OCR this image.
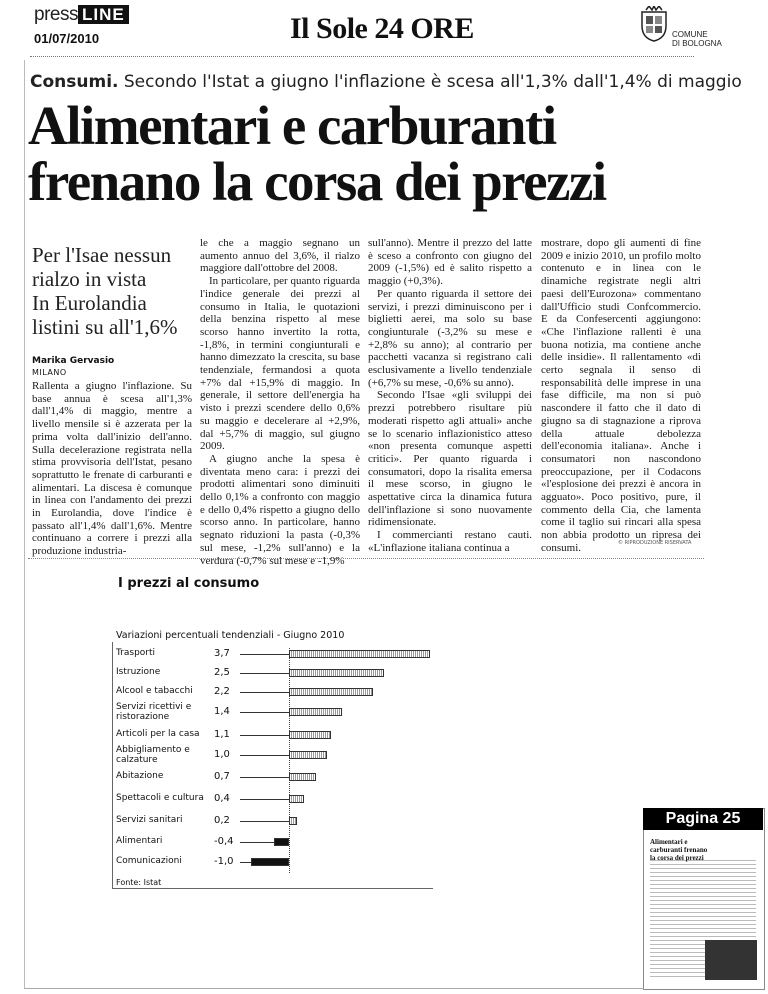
press LINE
01/07/2010	Il Sole 24 ORE	COMUNE
DI BOLOGNA
Consumi. Secondo l'Istat a giugno l'inflazione è scesa all'1,3% dall'1,4% di maggio
Alimentari e carburanti
frenano la corsa dei prezzi
Per l'Isae nessun
rialzo in vista
In Eurolandia
listini su all'1,6%
Marika Gervasio
MILANO

Rallenta a giugno l'inflazione. Su base annua è scesa all'1,3% dall'1,4% di maggio, mentre a livello mensile si è azzerata per la prima volta dall'inizio dell'anno. Sulla decelerazione registrata nella stima provvisoria dell'Istat, pesano soprattutto le frenate di carburanti e alimentari. La discesa è comunque in linea con l'andamento dei prezzi in Eurolandia, dove l'indice è passato all'1,4% dall'1,6%. Mentre continuano a correre i prezzi alla produzione industria-

le che a maggio segnano un aumento annuo del 3,6%, il rialzo maggiore dall'ottobre del 2008.

In particolare, per quanto riguarda l'indice generale dei prezzi al consumo in Italia, le quotazioni della benzina rispetto al mese scorso hanno invertito la rotta, -1,8%, in termini congiunturali e hanno dimezzato la crescita, su base tendenziale, fermandosi a quota +7% dal +15,9% di maggio. In generale, il settore dell'energia ha visto i prezzi scendere dello 0,6% su maggio e decelerare al +2,9%, dal +5,7% di maggio, sul giugno 2009.

A giugno anche la spesa è diventata meno cara: i prezzi dei prodotti alimentari sono diminuiti dello 0,1% a confronto con maggio e dello 0,4% rispetto a giugno dello scorso anno. In particolare, hanno segnato riduzioni la pasta (-0,3% sul mese, -1,2% sull'anno) e la verdura (-0,7% sul mese e -1,9%

sull'anno). Mentre il prezzo del latte è sceso a confronto con giugno del 2009 (-1,5%) ed è salito rispetto a maggio (+0,3%).

Per quanto riguarda il settore dei servizi, i prezzi diminuiscono per i biglietti aerei, ma solo su base congiunturale (-3,2% su mese e +2,8% su anno); al contrario per pacchetti vacanza si registrano cali esclusivamente a livello tendenziale (+6,7% su mese, -0,6% su anno).

Secondo l'Isae «gli sviluppi dei prezzi potrebbero risultare più moderati rispetto agli attuali» anche se lo scenario inflazionistico atteso «non presenta comunque aspetti critici». Per quanto riguarda i consumatori, dopo la risalita emersa il mese scorso, in giugno le aspettative circa la dinamica futura dell'inflazione si sono nuovamente ridimensionate.

I commercianti restano cauti. «L'inflazione italiana continua a

mostrare, dopo gli aumenti di fine 2009 e inizio 2010, un profilo molto contenuto e in linea con le dinamiche registrate negli altri paesi dell'Eurozona» commentano dall'Ufficio studi Confcommercio. E da Confesercenti aggiungono: «Che l'inflazione rallenti è una buona notizia, ma contiene anche delle insidie». Il rallentamento «di certo segnala il senso di responsabilità delle imprese in una fase difficile, ma non si può nascondere il fatto che il dato di giugno sa di stagnazione a riprova della attuale debolezza dell'economia italiana». Anche i consumatori non nascondono preoccupazione, per il Codacons «l'esplosione dei prezzi è ancora in agguato». Poco positivo, pure, il commento della Cia, che lamenta come il taglio sui rincari alla spesa non abbia prodotto un ripresa dei consumi.	© RIPRODUZIONE RISERVATA
I prezzi al consumo
Variazioni percentuali tendenziali - Giugno 2010
Trasporti	3,7
Istruzione	2,5
Alcool e tabacchi	2,2
Servizi ricettivi e ristorazione	1,4
Articoli per la casa	1,1
Abbigliamento e calzature	1,0
Abitazione	0,7
Spettacoli e cultura	0,4
Servizi sanitari	0,2
Alimentari	-0,4
Comunicazioni	-1,0
Fonte: Istat
Pagina 25
Alimentari e carburanti frenano la corsa dei prezzi
